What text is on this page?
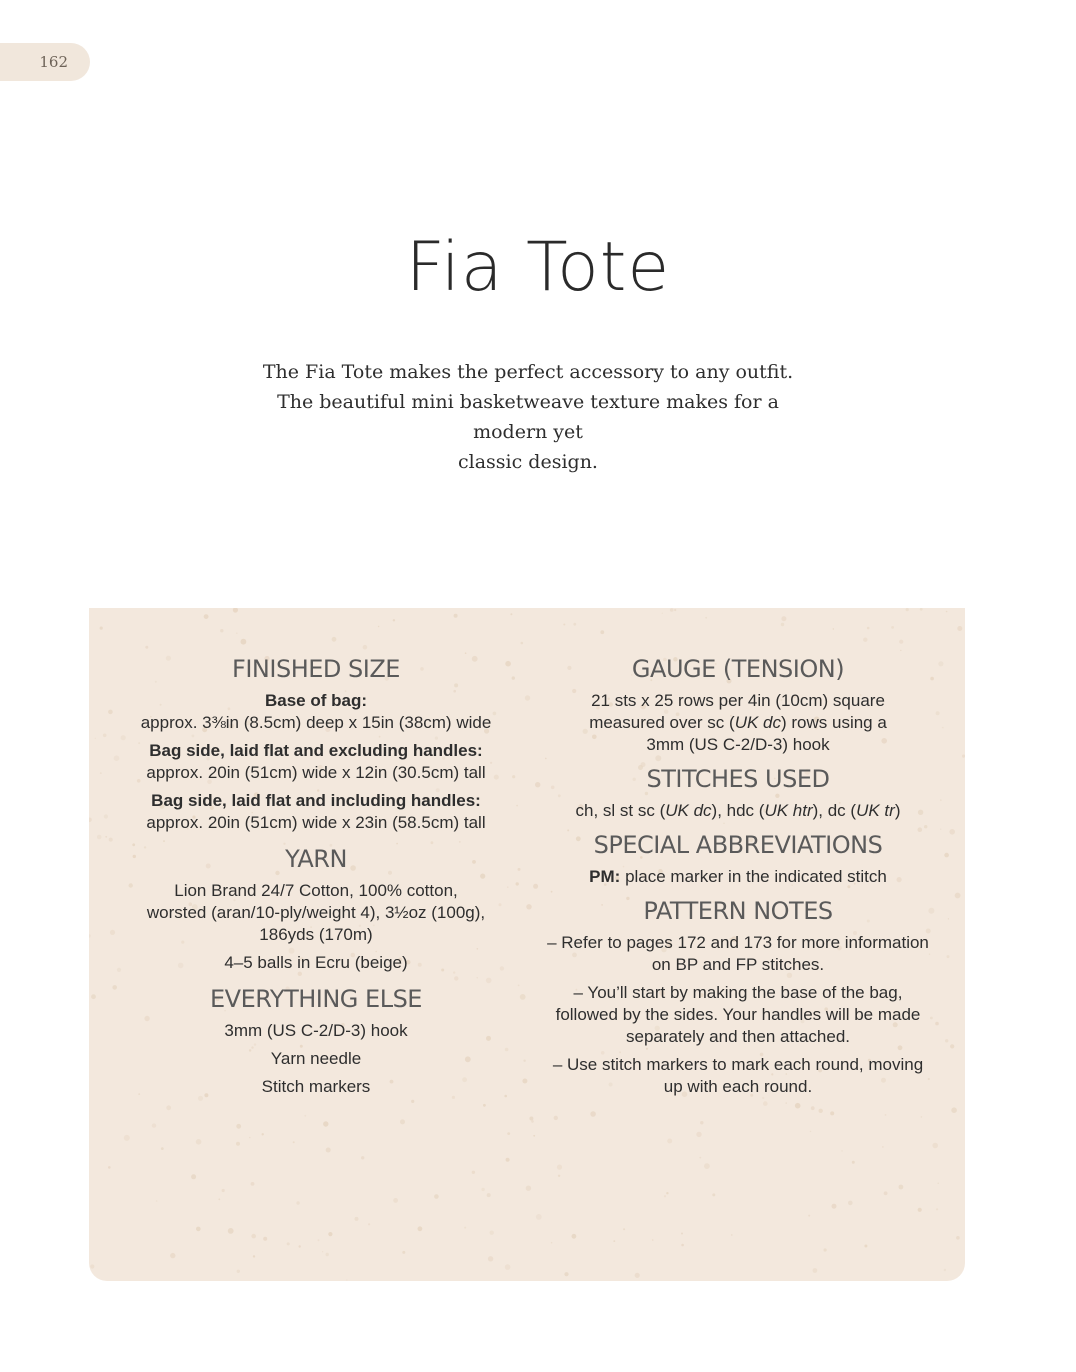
162
Fia Tote

The Fia Tote makes the perfect accessory to any outfit.

The beautiful mini basketweave texture makes for a modern yet

classic design.

FINISHED SIZE
Base of bag:
approx. 3⅜in (8.5cm) deep x 15in (38cm) wide
Bag side, laid flat and excluding handles:
approx. 20in (51cm) wide x 12in (30.5cm) tall
Bag side, laid flat and including handles:
approx. 20in (51cm) wide x 23in (58.5cm) tall
YARN
Lion Brand 24/7 Cotton, 100% cotton,
worsted (aran/10-ply/weight 4), 3½oz (100g),
186yds (170m)
4–5 balls in Ecru (beige)
EVERYTHING ELSE
3mm (US C-2/D-3) hook
Yarn needle
Stitch markers
GAUGE (TENSION)
21 sts x 25 rows per 4in (10cm) square
measured over sc (UK dc) rows using a
3mm (US C-2/D-3) hook
STITCHES USED
ch, sl st sc (UK dc), hdc (UK htr), dc (UK tr)
SPECIAL ABBREVIATIONS
PM: place marker in the indicated stitch
PATTERN NOTES
– Refer to pages 172 and 173 for more information
on BP and FP stitches.
– You’ll start by making the base of the bag,
followed by the sides. Your handles will be made
separately and then attached.
– Use stitch markers to mark each round, moving
up with each round.
